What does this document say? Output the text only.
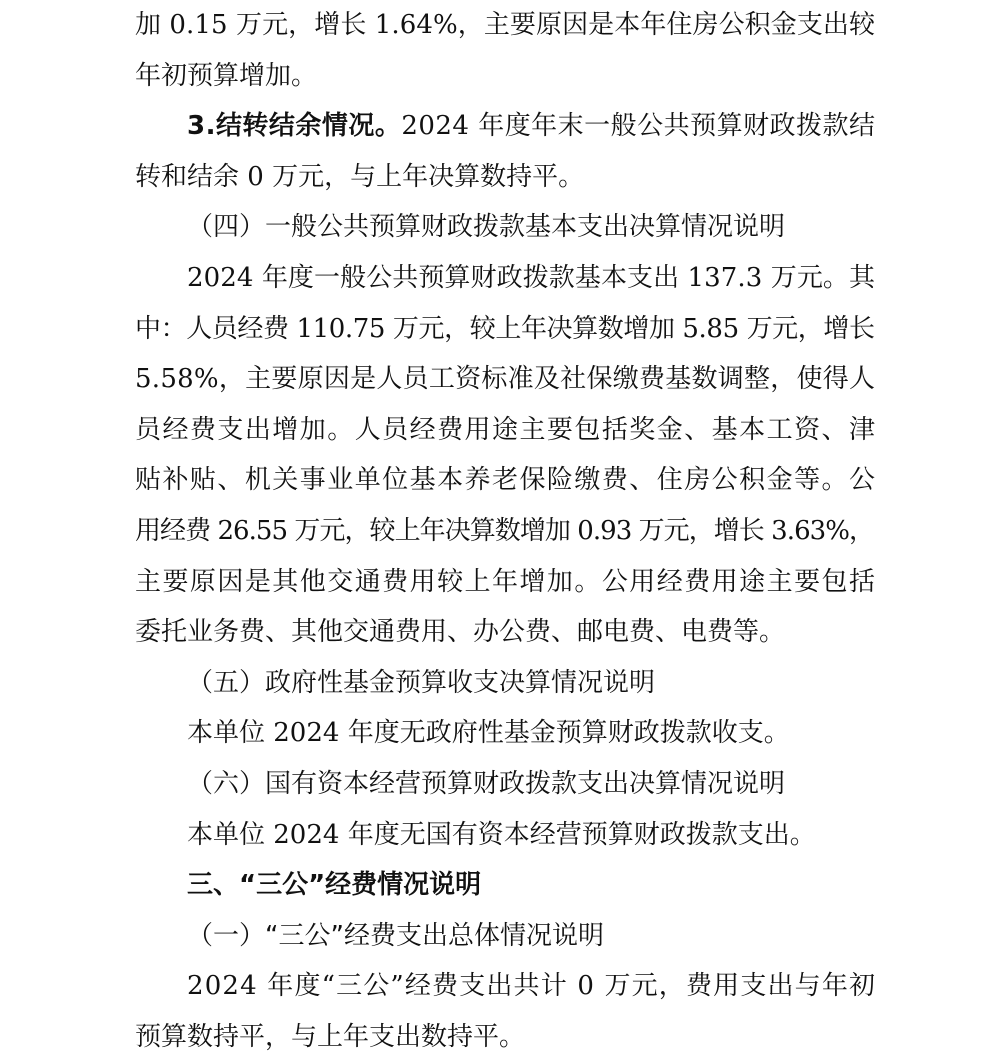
加 0.15 万元，增长 1.64%，主要原因是本年住房公积金支出较
年初预算增加。
3.结转结余情况。2024 年度年末一般公共预算财政拨款结
转和结余 0 万元，与上年决算数持平。
（四）一般公共预算财政拨款基本支出决算情况说明
2024 年度一般公共预算财政拨款基本支出 137.3 万元。其
中：人员经费 110.75 万元，较上年决算数增加 5.85 万元，增长
5.58%，主要原因是人员工资标准及社保缴费基数调整，使得人
员经费支出增加。人员经费用途主要包括奖金、基本工资、津
贴补贴、机关事业单位基本养老保险缴费、住房公积金等。公
用经费 26.55 万元，较上年决算数增加 0.93 万元，增长 3.63%，
主要原因是其他交通费用较上年增加。公用经费用途主要包括
委托业务费、其他交通费用、办公费、邮电费、电费等。
（五）政府性基金预算收支决算情况说明
本单位 2024 年度无政府性基金预算财政拨款收支。
（六）国有资本经营预算财政拨款支出决算情况说明
本单位 2024 年度无国有资本经营预算财政拨款支出。
三、“三公”经费情况说明
（一）“三公”经费支出总体情况说明
2024 年度“三公”经费支出共计 0 万元，费用支出与年初
预算数持平，与上年支出数持平。
